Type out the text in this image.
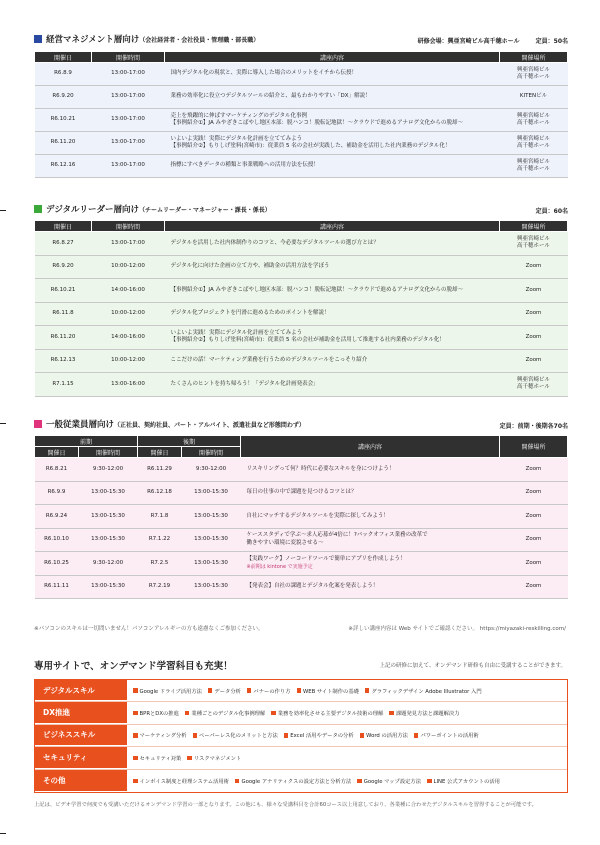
経営マネジメント層向け （会社経営者・会社役員・管理職・部長職）	研修会場：興亜宮崎ビル高千穂ホール	定員：50名
開催日	開催時間	講座内容	開催場所
R6.8.9	13:00-17:00	国内デジタル化の現状と、実際に導入した場合のメリットをイチから伝授！	興亜宮崎ビル
高千穂ホール
R6.9.20	13:00-17:00	業務の効率化に役立つデジタルツールの紹介と、最もわかりやすい「DX」解説！	KITENビル
R6.10.21	13:00-17:00	売上を飛躍的に伸ばすマーケティングのデジタル化事例
【事例紹介①】JA みやざきこばやし地区本部：脱ハンコ！脱転記地獄！～クラウドで進めるアナログ文化からの脱却～	興亜宮崎ビル
高千穂ホール
R6.11.20	13:00-17:00	いよいよ実践！実際にデジタル化計画を立ててみよう
【事例紹介②】もりしげ塗料(宮崎市)：従業員 5 名の会社が実践した、補助金を活用した社内業務のデジタル化！	興亜宮崎ビル
高千穂ホール
R6.12.16	13:00-17:00	指標にすべきデータの種類と事業戦略への活用方法を伝授！	興亜宮崎ビル
高千穂ホール
デジタルリーダー層向け （チームリーダー・マネージャー・課長・係長）	定員：60名
開催日	開催時間	講座内容	開催場所
R6.8.27	13:00-17:00	デジタルを活用した社内体制作りのコツと、今必要なデジタルツールの選び方とは？	興亜宮崎ビル
高千穂ホール
R6.9.20	10:00-12:00	デジタル化に向けた企画の立て方や、補助金の活用方法を学ぼう	Zoom
R6.10.21	14:00-16:00	【事例紹介①】JA みやざきこばやし地区本部：脱ハンコ！脱転記地獄！～クラウドで進めるアナログ文化からの脱却～	Zoom
R6.11.8	10:00-12:00	デジタル化プロジェクトを円滑に進めるためのポイントを解説！	Zoom
R6.11.20	14:00-16:00	いよいよ実践！実際にデジタル化計画を立ててみよう
【事例紹介②】もりしげ塗料(宮崎市)：従業員 5 名の会社が補助金を活用して推進する社内業務のデジタル化！	Zoom
R6.12.13	10:00-12:00	ここだけの話！マーケティング業務を行うためのデジタルツールをこっそり紹介	Zoom
R7.1.15	13:00-16:00	たくさんのヒントを持ち帰ろう！「デジタル化計画発表会」	興亜宮崎ビル
高千穂ホール
一般従業員層向け （正社員、契約社員、パート・アルバイト、派遣社員など形態問わず）	定員：前期・後期各70名
前期		後期		講座内容	開催場所
開催日	開催時間	開催日	開催時間		
R6.8.21	9:30-12:00	R6.11.29	9:30-12:00	リスキリングって何？時代に必要なスキルを身につけよう！	Zoom
R6.9.9	13:00-15:30	R6.12.18	13:00-15:30	毎日の仕事の中で課題を見つけるコツとは？	Zoom
R6.9.24	13:00-15:30	R7.1.8	13:00-15:30	自社にマッチするデジタルツールを実際に探してみよう！	Zoom
R6.10.10	13:00-15:30	R7.1.22	13:00-15:30	ケーススタディで学ぶ～求人応募が4倍に！?バックオフィス業務の改革で
働きやすい環境に変貌させる～	Zoom
R6.10.25	9:30-12:00	R7.2.5	13:00-15:30	【実践ワーク】ノーコードツールで簡単にアプリを作成しよう！
※前期は kintone で実施予定	Zoom
R6.11.11	13:00-15:30	R7.2.19	13:00-15:30	【発表会】自社の課題とデジタル化案を発表しよう！	Zoom
※パソコンのスキルは一切問いません！パソコンアレルギーの方も遠慮なくご参加ください。	※詳しい講座内容は Web サイトでご確認ください。 https://miyazaki-reskilling.com/
専用サイトで、オンデマンド学習科目も充実！	上記の研修に加えて、オンデマンド研修も自由に受講することができます。
デジタルスキル	Google ドライブ活用方法 データ分析 バナーの作り方 WEB サイト制作の基礎 グラフィックデザイン Adobe Illustrator 入門
DX推進	BPRとDXの推進 業種ごとのデジタル化事例理解 業務を効率化させる主要デジタル技術の理解 課題発見方法と課題解決力
ビジネススキル	マーケティング分析 ペーパーレス化のメリットと方法 Excel 活用やデータの分析 Word の活用方法 パワーポイントの活用術
セキュリティ	セキュリティ対策 リスクマネジメント
その他	インボイス制度と経理システム活用術 Google アナリティクスの設定方法と分析方法 Google マップ設定方法 LINE 公式アカウントの活用
上記は、ビデオ学習で何度でも受講いただけるオンデマンド学習の一部となります。この他にも、様々な受講科目を合計60コース以上用意しており、各業種に合わせたデジタルスキルを習得することが可能です。
